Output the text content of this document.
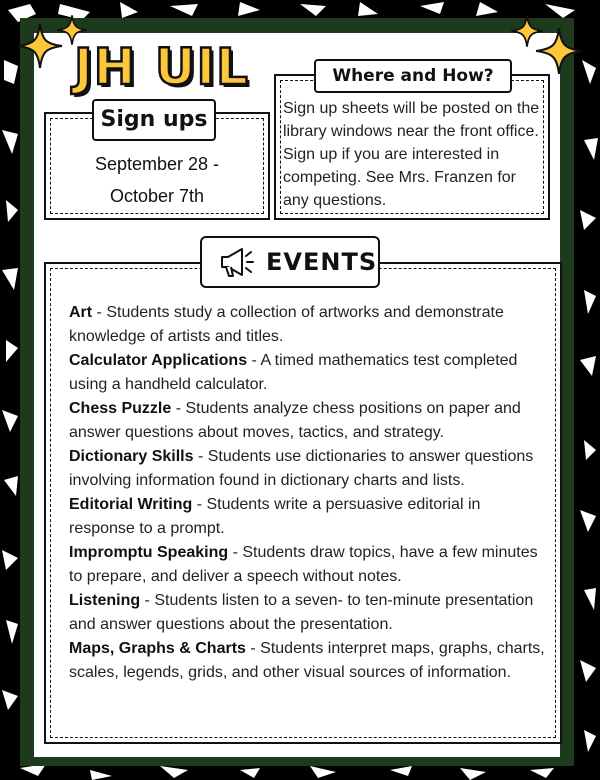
JH UIL
Sign ups
September 28 -
October 7th
Where and How?
Sign up sheets will be posted on the library windows near the front office. Sign up if you are interested in competing. See Mrs. Franzen for any questions.
EVENTS

Art - Students study a collection of artworks and demonstrate knowledge of artists and titles.

Calculator Applications - A timed mathematics test completed using a handheld calculator.

Chess Puzzle - Students analyze chess positions on paper and answer questions about moves, tactics, and strategy.

Dictionary Skills - Students use dictionaries to answer questions involving information found in dictionary charts and lists.

Editorial Writing - Students write a persuasive editorial in response to a prompt.

Impromptu Speaking - Students draw topics, have a few minutes to prepare, and deliver a speech without notes.

Listening - Students listen to a seven- to ten-minute presentation and answer questions about the presentation.

Maps, Graphs & Charts - Students interpret maps, graphs, charts, scales, legends, grids, and other visual sources of information.
